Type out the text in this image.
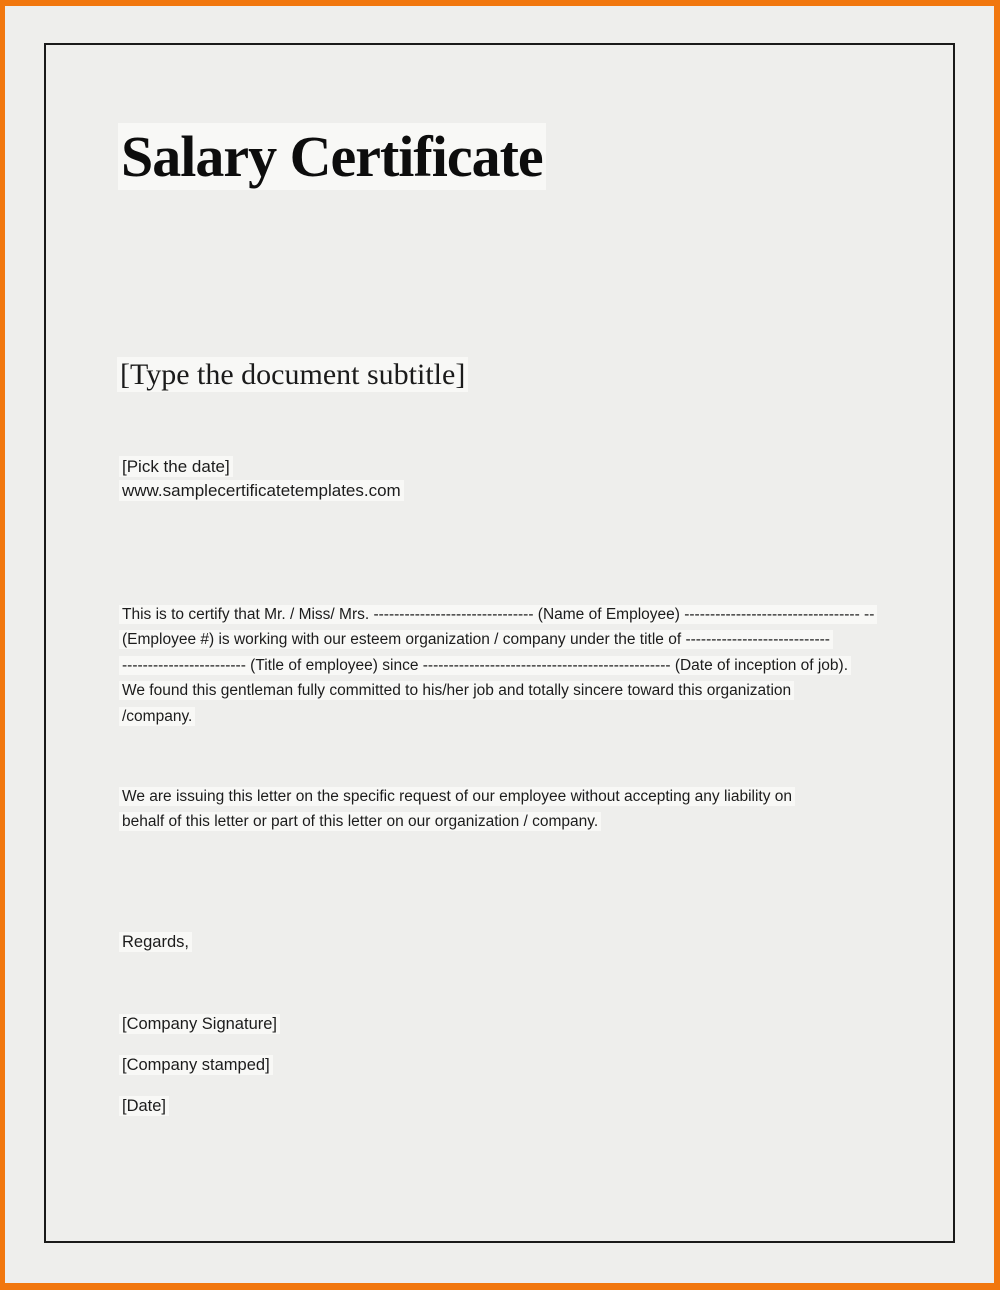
Salary Certificate
[Type the document subtitle]
[Pick the date]
www.samplecertificatetemplates.com
This is to certify that Mr. / Miss/ Mrs. ------------------------------- (Name of Employee) ---------------------------------- --
(Employee #) is working with our esteem organization / company under the title of ----------------------------
------------------------ (Title of employee) since ------------------------------------------------ (Date of inception of job).
We found this gentleman fully committed to his/her job and totally sincere toward this organization
/company.
We are issuing this letter on the specific request of our employee without accepting any liability on
behalf of this letter or part of this letter on our organization / company.
Regards,
[Company Signature]
[Company stamped]
[Date]
